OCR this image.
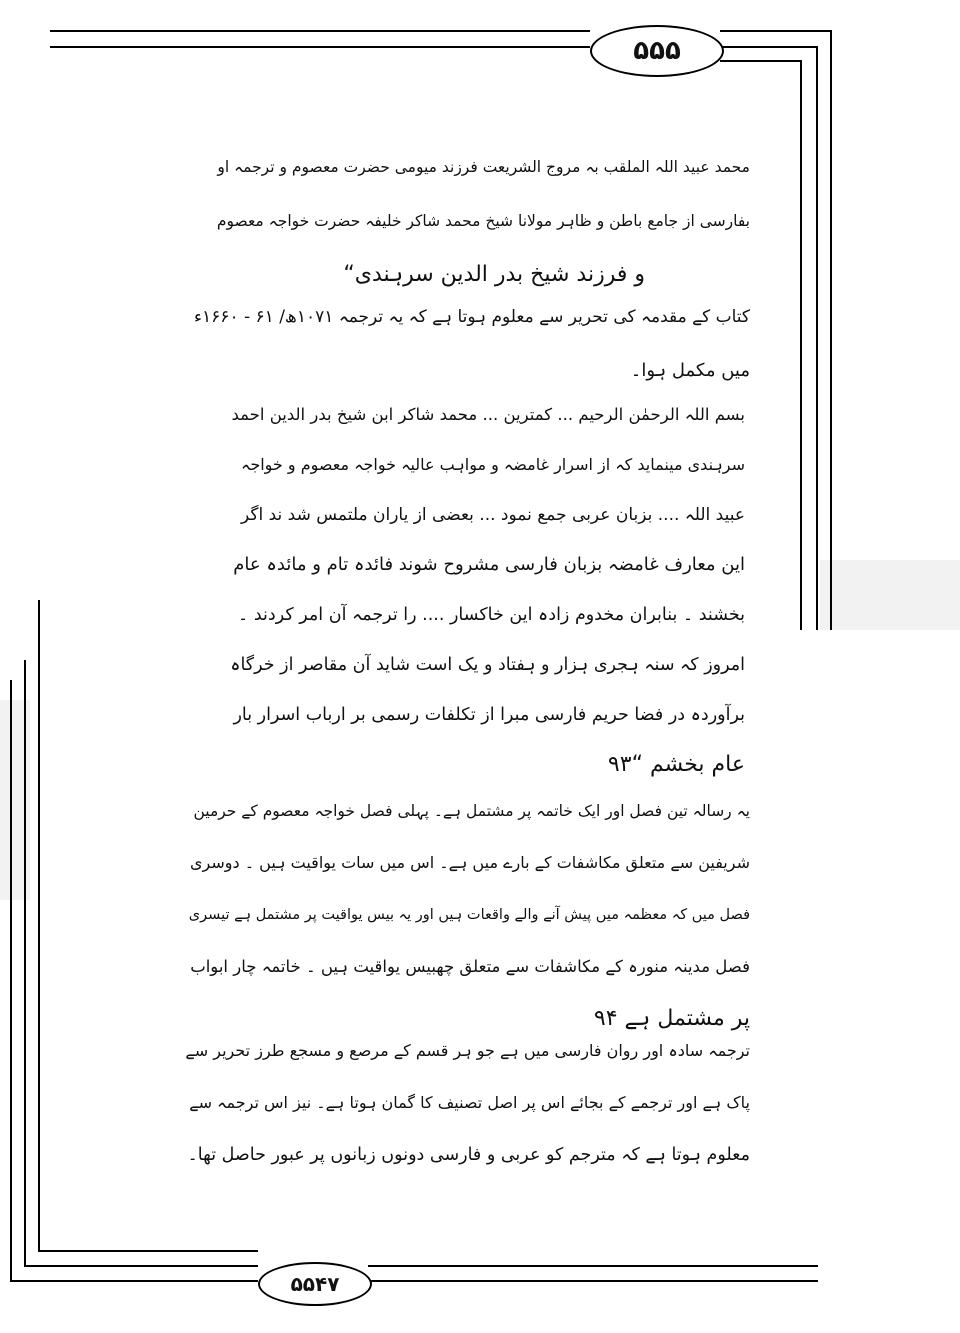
۵۵۵
۵۵۴۷
محمد عبید اللہ الملقب بہ مروج الشریعت فرزند میومی حضرت معصوم و ترجمہ او
بفارسی از جامع باطن و ظاہر مولانا شیخ محمد شاکر خلیفہ حضرت خواجہ معصوم
و فرزند شیخ بدر الدین سرہندی“
کتاب کے مقدمہ کی تحریر سے معلوم ہوتا ہے کہ یہ ترجمہ ۱۰۷۱ھ/ ۶۱ - ۱۶۶۰ء
میں مکمل ہوا۔
بسم اللہ الرحمٰن الرحیم ... کمترین ... محمد شاکر ابن شیخ بدر الدین احمد
سرہندی مینماید کہ از اسرار غامضہ و مواہب عالیہ خواجہ معصوم و خواجہ
عبید اللہ .... بزبان عربی جمع نمود ... بعضی از یاران ملتمس شد ند اگر
این معارف غامضہ بزبان فارسی مشروح شوند فائدہ تام و مائدہ عام
بخشند ۔ بنابران مخدوم زادہ این خاکسار .... را ترجمہ آن امر کردند ۔
امروز کہ سنہ ہجری ہزار و ہفتاد و یک است شاید آن مقاصر از خرگاہ
برآوردہ در فضا حریم فارسی مبرا از تکلفات رسمی بر ارباب اسرار بار
عام بخشم “۹۳
یہ رسالہ تین فصل اور ایک خاتمہ پر مشتمل ہے۔ پہلی فصل خواجہ معصوم کے حرمین
شریفین سے متعلق مکاشفات کے بارے میں ہے۔ اس میں سات یواقیت ہیں ۔ دوسری
فصل میں کہ معظمہ میں پیش آنے والے واقعات ہیں اور یہ بیس یواقیت پر مشتمل ہے تیسری
فصل مدینہ منورہ کے مکاشفات سے متعلق چھبیس یواقیت ہیں ۔ خاتمہ چار ابواب
پر مشتمل ہے ۹۴
ترجمہ سادہ اور روان فارسی میں ہے جو ہر قسم کے مرصع و مسجع طرز تحریر سے
پاک ہے اور ترجمے کے بجائے اس پر اصل تصنیف کا گمان ہوتا ہے۔ نیز اس ترجمہ سے
معلوم ہوتا ہے کہ مترجم کو عربی و فارسی دونوں زبانوں پر عبور حاصل تھا۔
